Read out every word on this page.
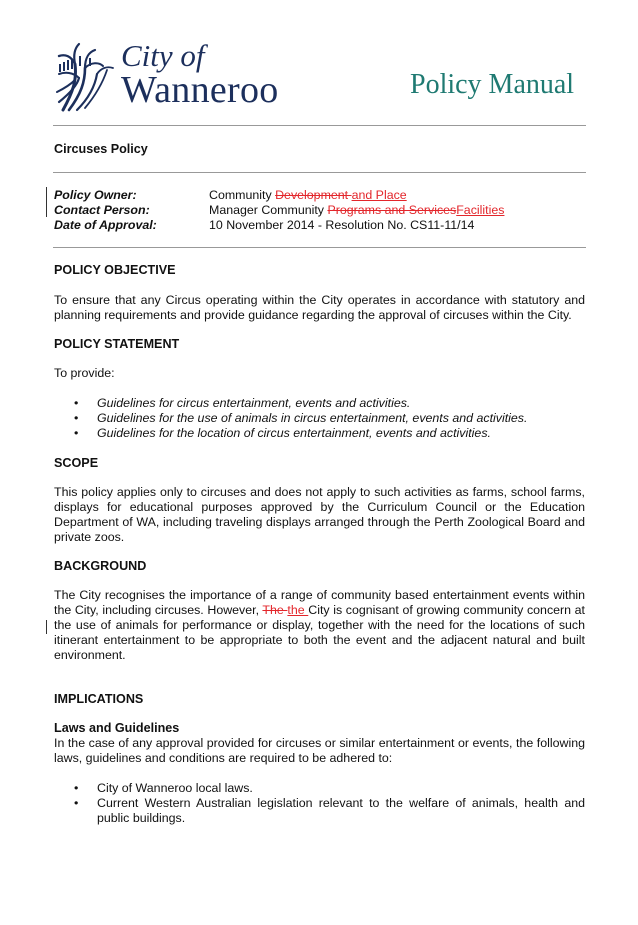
City of
Wanneroo	Policy Manual
Circuses Policy
Policy Owner:	Community Development and Place
Contact Person:	Manager Community Programs and ServicesFacilities
Date of Approval:	10 November 2014 - Resolution No. CS11-11/14
POLICY OBJECTIVE
To ensure that any Circus operating within the City operates in accordance with statutory and planning requirements and provide guidance regarding the approval of circuses within the City.
POLICY STATEMENT
To provide:
• Guidelines for circus entertainment, events and activities.
• Guidelines for the use of animals in circus entertainment, events and activities.
• Guidelines for the location of circus entertainment, events and activities.
SCOPE
This policy applies only to circuses and does not apply to such activities as farms, school farms, displays for educational purposes approved by the Curriculum Council or the Education Department of WA, including traveling displays arranged through the Perth Zoological Board and private zoos.
BACKGROUND
The City recognises the importance of a range of community based entertainment events within the City, including circuses. However, The the City is cognisant of growing community concern at the use of animals for performance or display, together with the need for the locations of such itinerant entertainment to be appropriate to both the event and the adjacent natural and built environment.
IMPLICATIONS
Laws and Guidelines
In the case of any approval provided for circuses or similar entertainment or events, the following laws, guidelines and conditions are required to be adhered to:
• City of Wanneroo local laws.
• Current Western Australian legislation relevant to the welfare of animals, health and public buildings.
